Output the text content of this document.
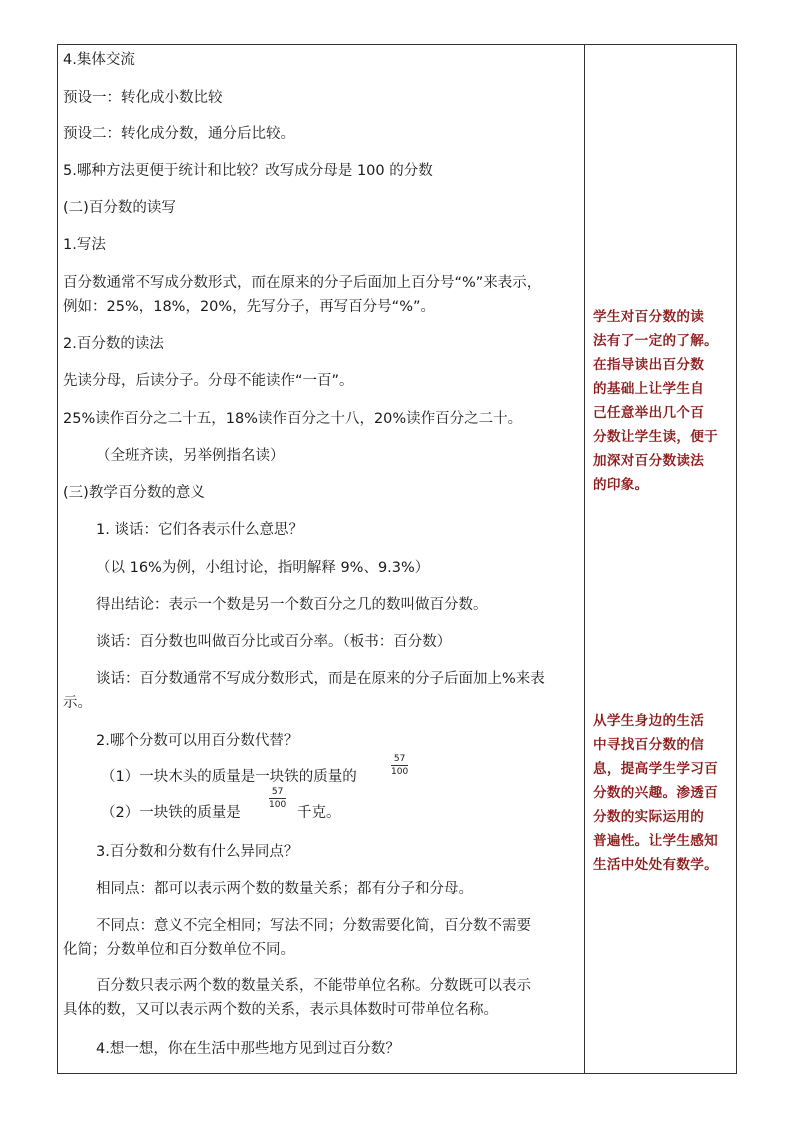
4.集体交流
预设一：转化成小数比较
预设二：转化成分数，通分后比较。
5.哪种方法更便于统计和比较？改写成分母是 100 的分数
(二)百分数的读写
1.写法
百分数通常不写成分数形式，而在原来的分子后面加上百分号“%”来表示，
例如：25%，18%，20%，先写分子，再写百分号“%”。
2.百分数的读法
先读分母，后读分子。分母不能读作“一百”。
25%读作百分之二十五，18%读作百分之十八，20%读作百分之二十。
（全班齐读，另举例指名读）
(三)教学百分数的意义
1. 谈话：它们各表示什么意思？
（以 16%为例，小组讨论，指明解释 9%、9.3%）
得出结论：表示一个数是另一个数百分之几的数叫做百分数。
谈话：百分数也叫做百分比或百分率。（板书：百分数）
谈话：百分数通常不写成分数形式，而是在原来的分子后面加上%来表
示。
2.哪个分数可以用百分数代替？
（1）一块木头的质量是一块铁的质量的	$\frac{57}{100}$
（2）一块铁的质量是
$\frac{57}{100}$
千克。
3.百分数和分数有什么异同点？
相同点：都可以表示两个数的数量关系；都有分子和分母。
不同点：意义不完全相同；写法不同；分数需要化简，百分数不需要
化简；分数单位和百分数单位不同。
百分数只表示两个数的数量关系，不能带单位名称。分数既可以表示
具体的数，又可以表示两个数的关系，表示具体数时可带单位名称。
4.想一想，你在生活中那些地方见到过百分数？
学生对百分数的读
法有了一定的了解。
在指导读出百分数
的基础上让学生自
己任意举出几个百
分数让学生读，便于
加深对百分数读法
的印象。
从学生身边的生活
中寻找百分数的信
息，提高学生学习百
分数的兴趣。渗透百
分数的实际运用的
普遍性。让学生感知
生活中处处有数学。
